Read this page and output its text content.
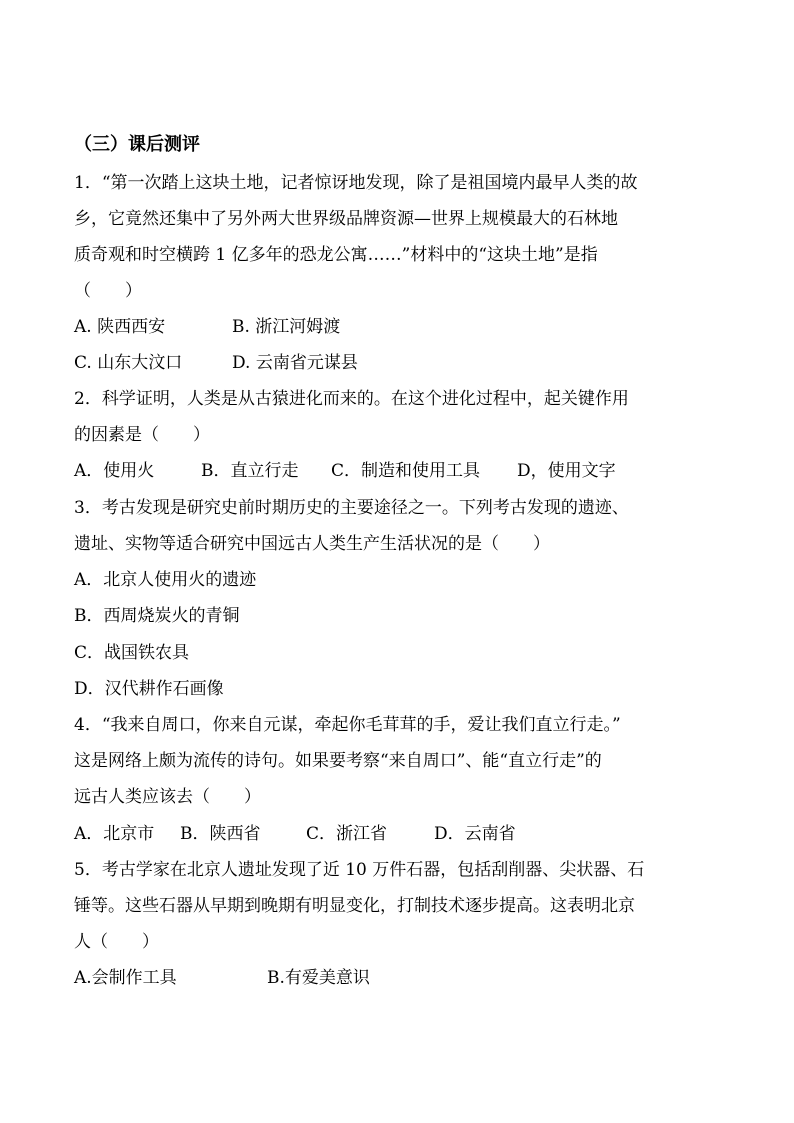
（三）课后测评
1．“第一次踏上这块土地，记者惊讶地发现，除了是祖国境内最早人类的故
乡，它竟然还集中了另外两大世界级品牌资源—世界上规模最大的石林地
质奇观和时空横跨 1 亿多年的恐龙公寓……”材料中的“这块土地”是指
（　　）
A. 陕西西安	B. 浙江河姆渡
C. 山东大汶口	D. 云南省元谋县
2．科学证明，人类是从古猿进化而来的。在这个进化过程中，起关键作用
的因素是（　　）
A．使用火	B．直立行走 C．制造和使用工具 D，使用文字
3．考古发现是研究史前时期历史的主要途径之一。下列考古发现的遗迹、
遗址、实物等适合研究中国远古人类生产生活状况的是（　　）
A．北京人使用火的遗迹
B．西周烧炭火的青铜
C．战国铁农具
D．汉代耕作石画像
4．“我来自周口，你来自元谋，牵起你毛茸茸的手，爱让我们直立行走。”
这是网络上颇为流传的诗句。如果要考察“来自周口”、能“直立行走”的
远古人类应该去（　　）
A．北京市 B．陕西省	C．浙江省	D．云南省
5．考古学家在北京人遗址发现了近 10 万件石器，包括刮削器、尖状器、石
锤等。这些石器从早期到晚期有明显变化，打制技术逐步提高。这表明北京
人（　　）
A.会制作工具	B.有爱美意识
